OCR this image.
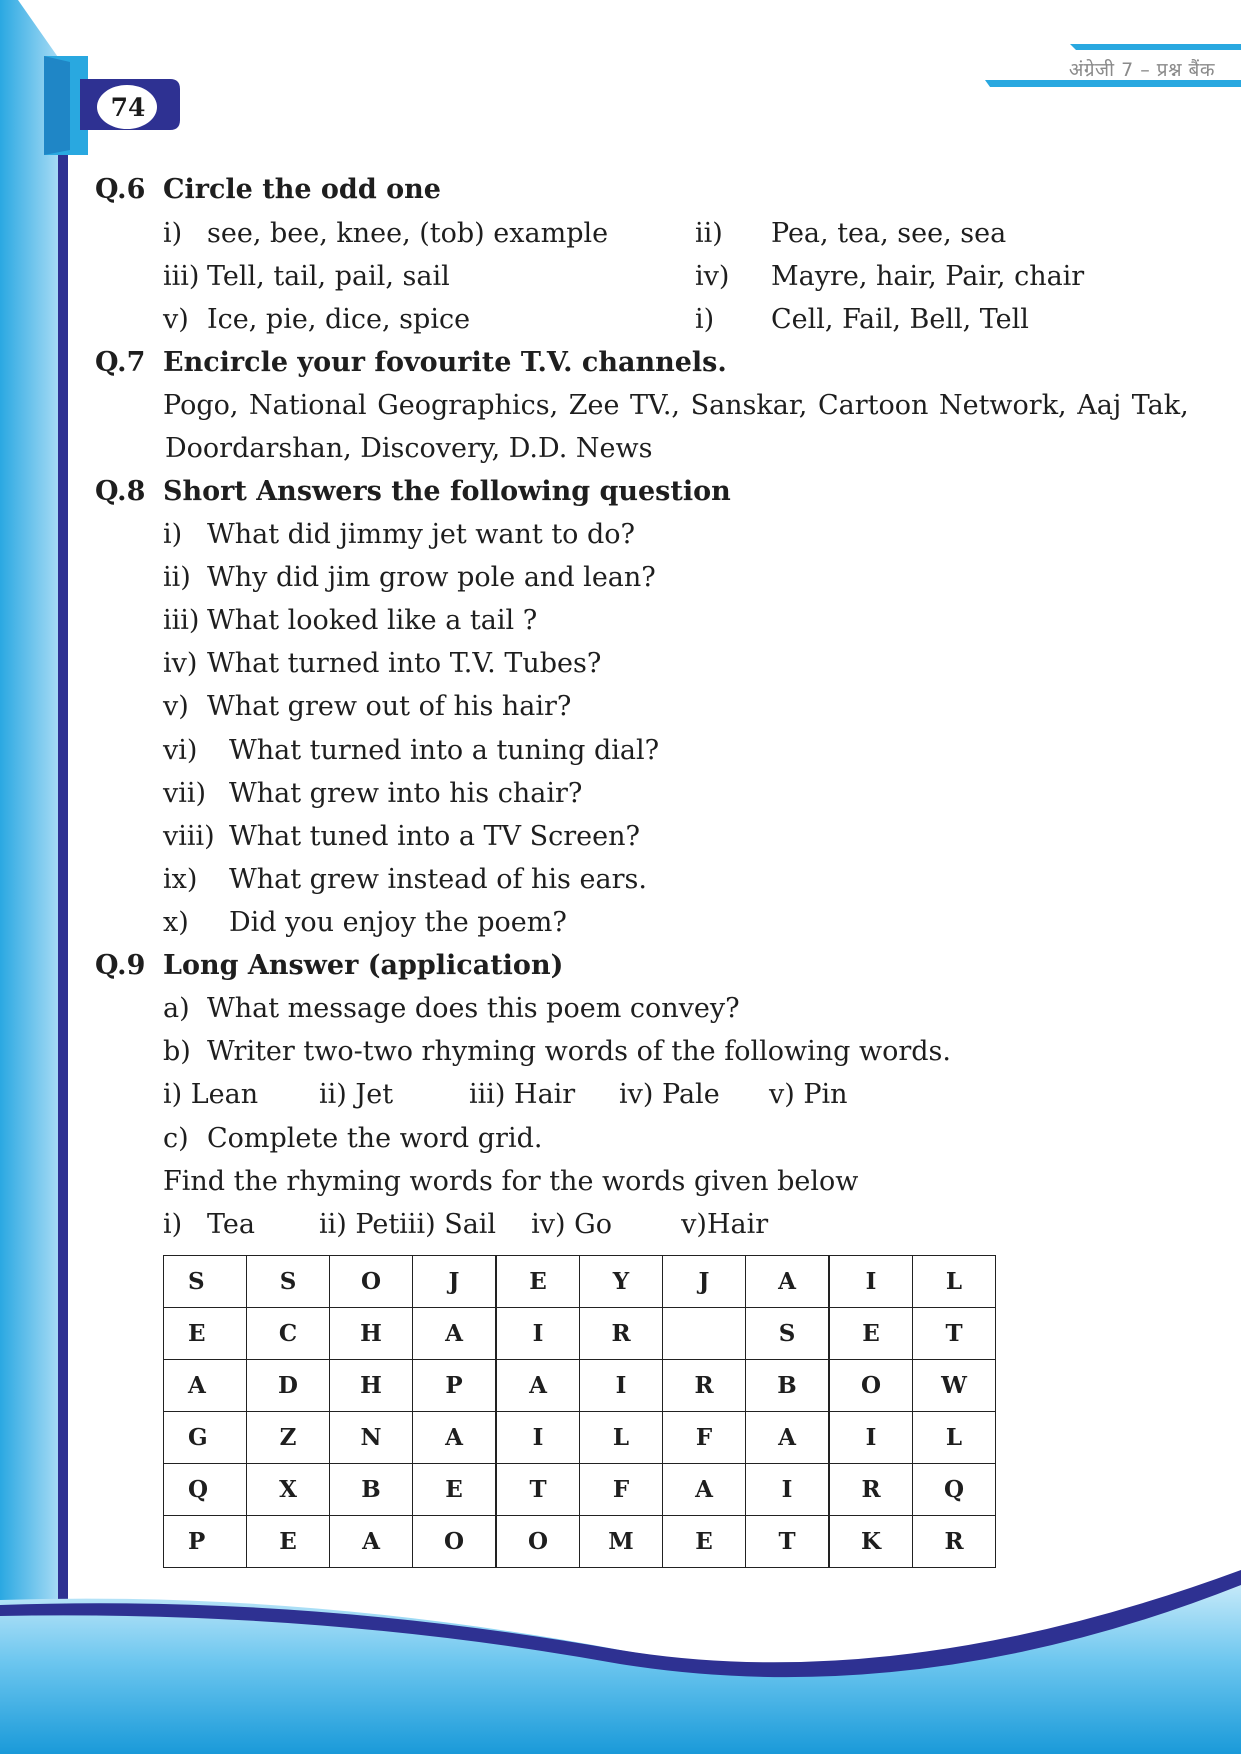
अंग्रेजी 7 – प्रश्न बैंक
74
Q.6 Circle the odd one
i) see, bee, knee, (tob) example	ii) Pea, tea, see, sea
iii) Tell, tail, pail, sail	iv) Mayre, hair, Pair, chair
v) Ice, pie, dice, spice	i) Cell, Fail, Bell, Tell
Q.7 Encircle your fovourite T.V. channels.
Pogo, National Geographics, Zee TV., Sanskar, Cartoon Network, Aaj Tak,
Doordarshan, Discovery, D.D. News
Q.8 Short Answers the following question
i) What did jimmy jet want to do?
ii) Why did jim grow pole and lean?
iii) What looked like a tail ?
iv) What turned into T.V. Tubes?
v) What grew out of his hair?
vi) What turned into a tuning dial?
vii) What grew into his chair?
viii) What tuned into a TV Screen?
ix) What grew instead of his ears.
x) Did you enjoy the poem?
Q.9 Long Answer (application)
a) What message does this poem convey?
b) Writer two-two rhyming words of the following words.
i) Lean ii) Jet	iii) Hair iv) Pale v) Pin
c) Complete the word grid.
Find the rhyming words for the words given below
i) Tea ii) Petiii) Sail iv) Go	v)Hair
S	S	O	J	E	Y	J	A	I	L
E	C	H	A	I	R		S	E	T
A	D	H	P	A	I	R	B	O	W
G	Z	N	A	I	L	F	A	I	L
Q	X	B	E	T	F	A	I	R	Q
P	E	A	O	O	M	E	T	K	R
